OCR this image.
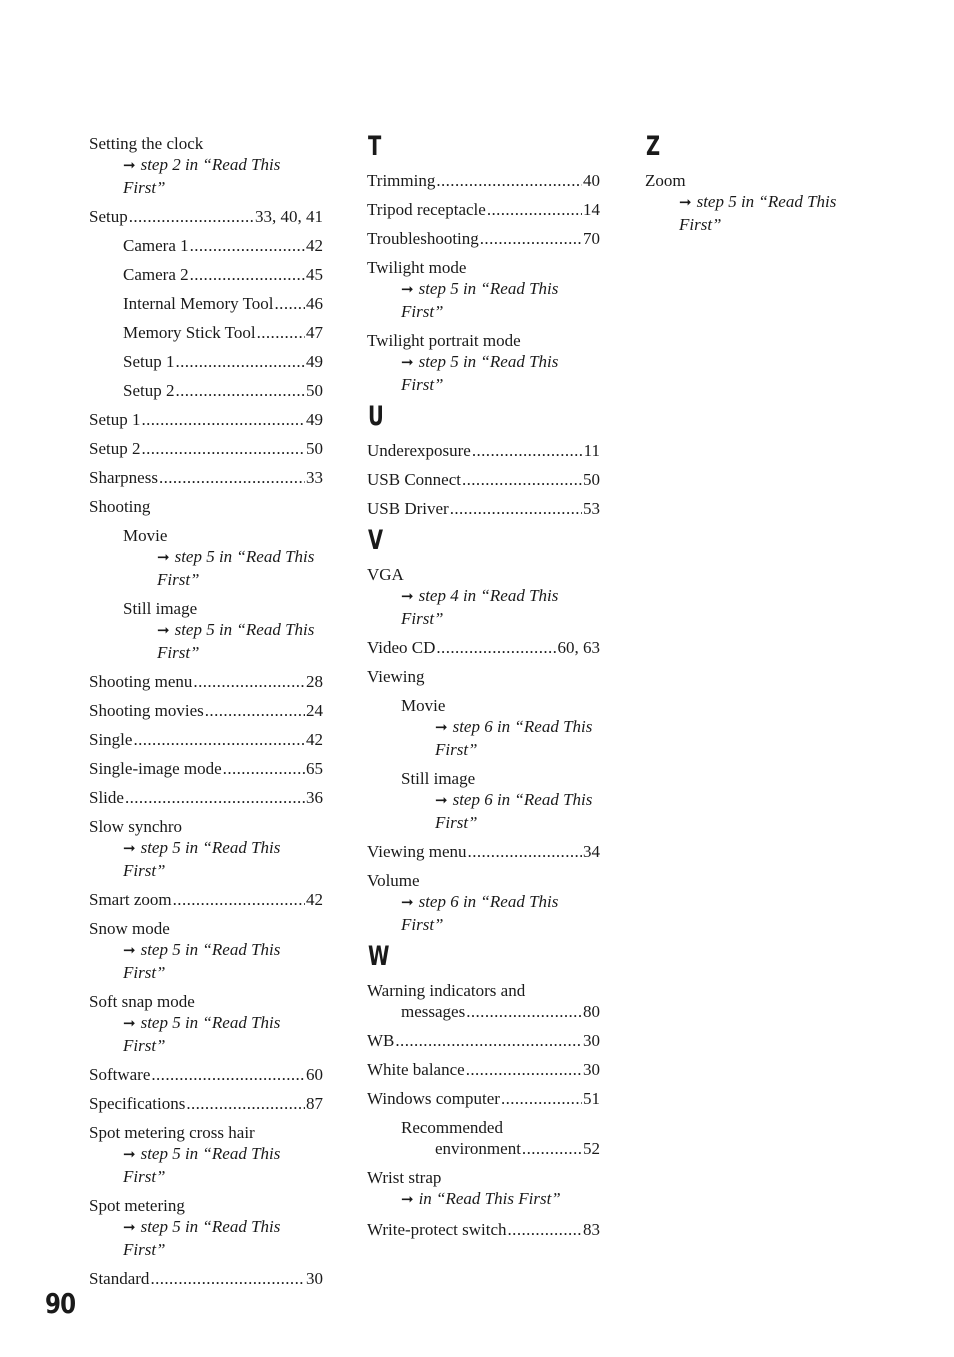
Setting the clock
➞ step 2 in “Read This First”
Setup .....	33, 40, 41
Camera 1 .....	42
Camera 2 .....	45
Internal Memory Tool ..... 46
Memory Stick Tool .....	47
Setup 1 .....	49
Setup 2 .....	50
Setup 1 .....	49
Setup 2 .....	50
Sharpness .....	33
Shooting
Movie
➞ step 5 in “Read This First”
Still image
➞ step 5 in “Read This First”
Shooting menu .....	28
Shooting movies .....	24
Single .....	42
Single-image mode .....	65
Slide .....	36
Slow synchro
➞ step 5 in “Read This First”
Smart zoom .....	42
Snow mode
➞ step 5 in “Read This First”
Soft snap mode
➞ step 5 in “Read This First”
Software .....	60
Specifications .....	87
Spot metering cross hair
➞ step 5 in “Read This First”
Spot metering
➞ step 5 in “Read This First”
Standard .....	30
T
Trimming .....	40
Tripod receptacle .....	14
Troubleshooting .....	70
Twilight mode
➞ step 5 in “Read This First”
Twilight portrait mode
➞ step 5 in “Read This First”
U
Underexposure .....	11
USB Connect .....	50
USB Driver .....	53
V
VGA
➞ step 4 in “Read This First”
Video CD .....	60, 63
Viewing
Movie
➞ step 6 in “Read This First”
Still image
➞ step 6 in “Read This First”
Viewing menu .....	34
Volume
➞ step 6 in “Read This First”
W
Warning indicators and
messages .....	80
WB .....	30
White balance .....	30
Windows computer .....	51
Recommended
environment .....	52
Wrist strap
➞ in “Read This First”
Write-protect switch .....	83
Z
Zoom
➞ step 5 in “Read This First”
90
